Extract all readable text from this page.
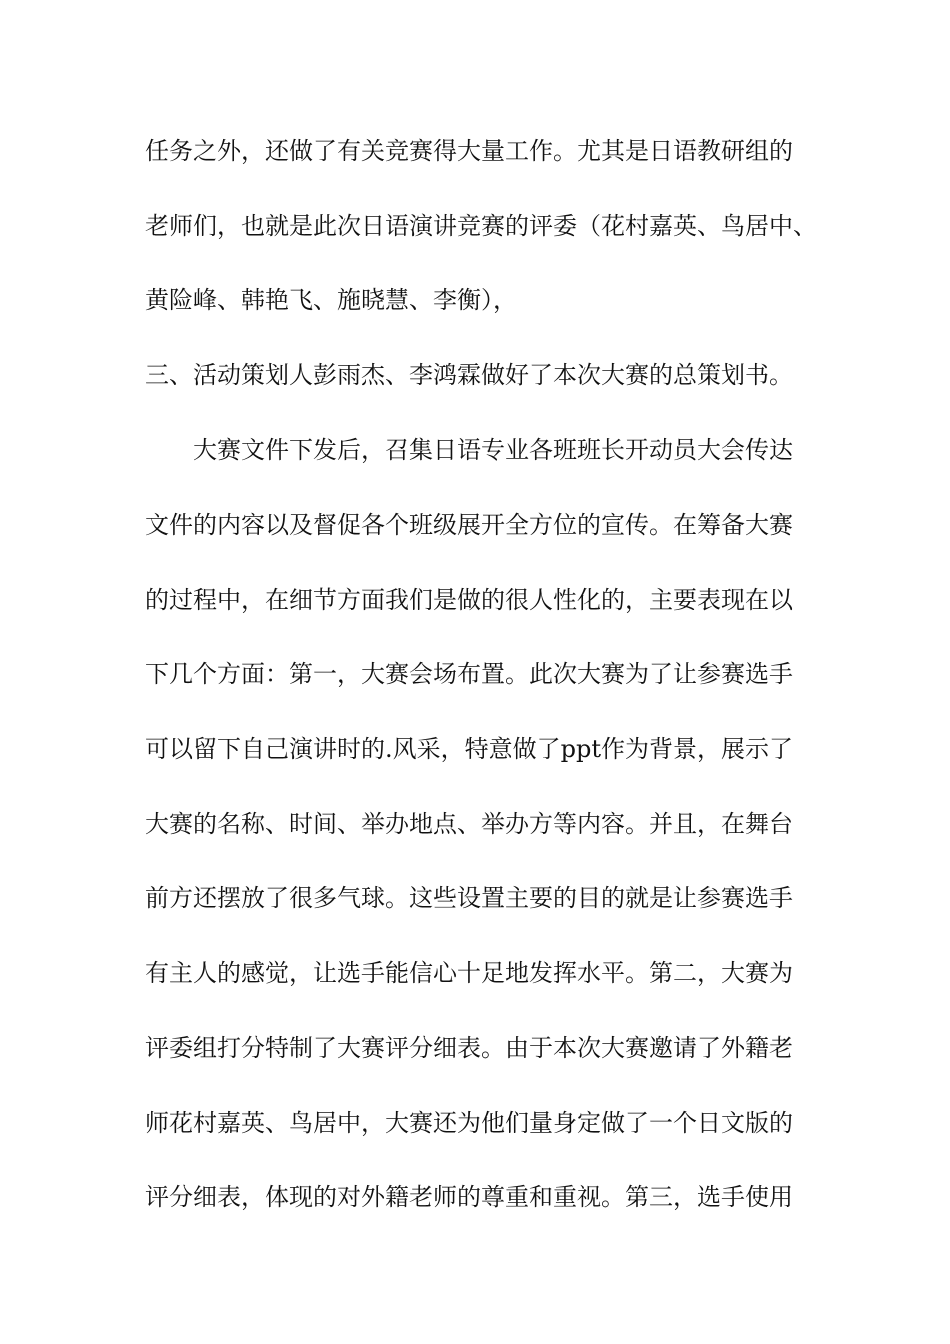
任务之外，还做了有关竞赛得大量工作。尤其是日语教研组的
老师们，也就是此次日语演讲竞赛的评委（花村嘉英、鸟居中、
黄险峰、韩艳飞、施晓慧、李衡），
三、活动策划人彭雨杰、李鸿霖做好了本次大赛的总策划书。
大赛文件下发后，召集日语专业各班班长开动员大会传达
文件的内容以及督促各个班级展开全方位的宣传。在筹备大赛
的过程中，在细节方面我们是做的很人性化的，主要表现在以
下几个方面：第一，大赛会场布置。此次大赛为了让参赛选手
可以留下自己演讲时的.风采，特意做了ppt作为背景，展示了
大赛的名称、时间、举办地点、举办方等内容。并且，在舞台
前方还摆放了很多气球。这些设置主要的目的就是让参赛选手
有主人的感觉，让选手能信心十足地发挥水平。第二，大赛为
评委组打分特制了大赛评分细表。由于本次大赛邀请了外籍老
师花村嘉英、鸟居中，大赛还为他们量身定做了一个日文版的
评分细表，体现的对外籍老师的尊重和重视。第三，选手使用
